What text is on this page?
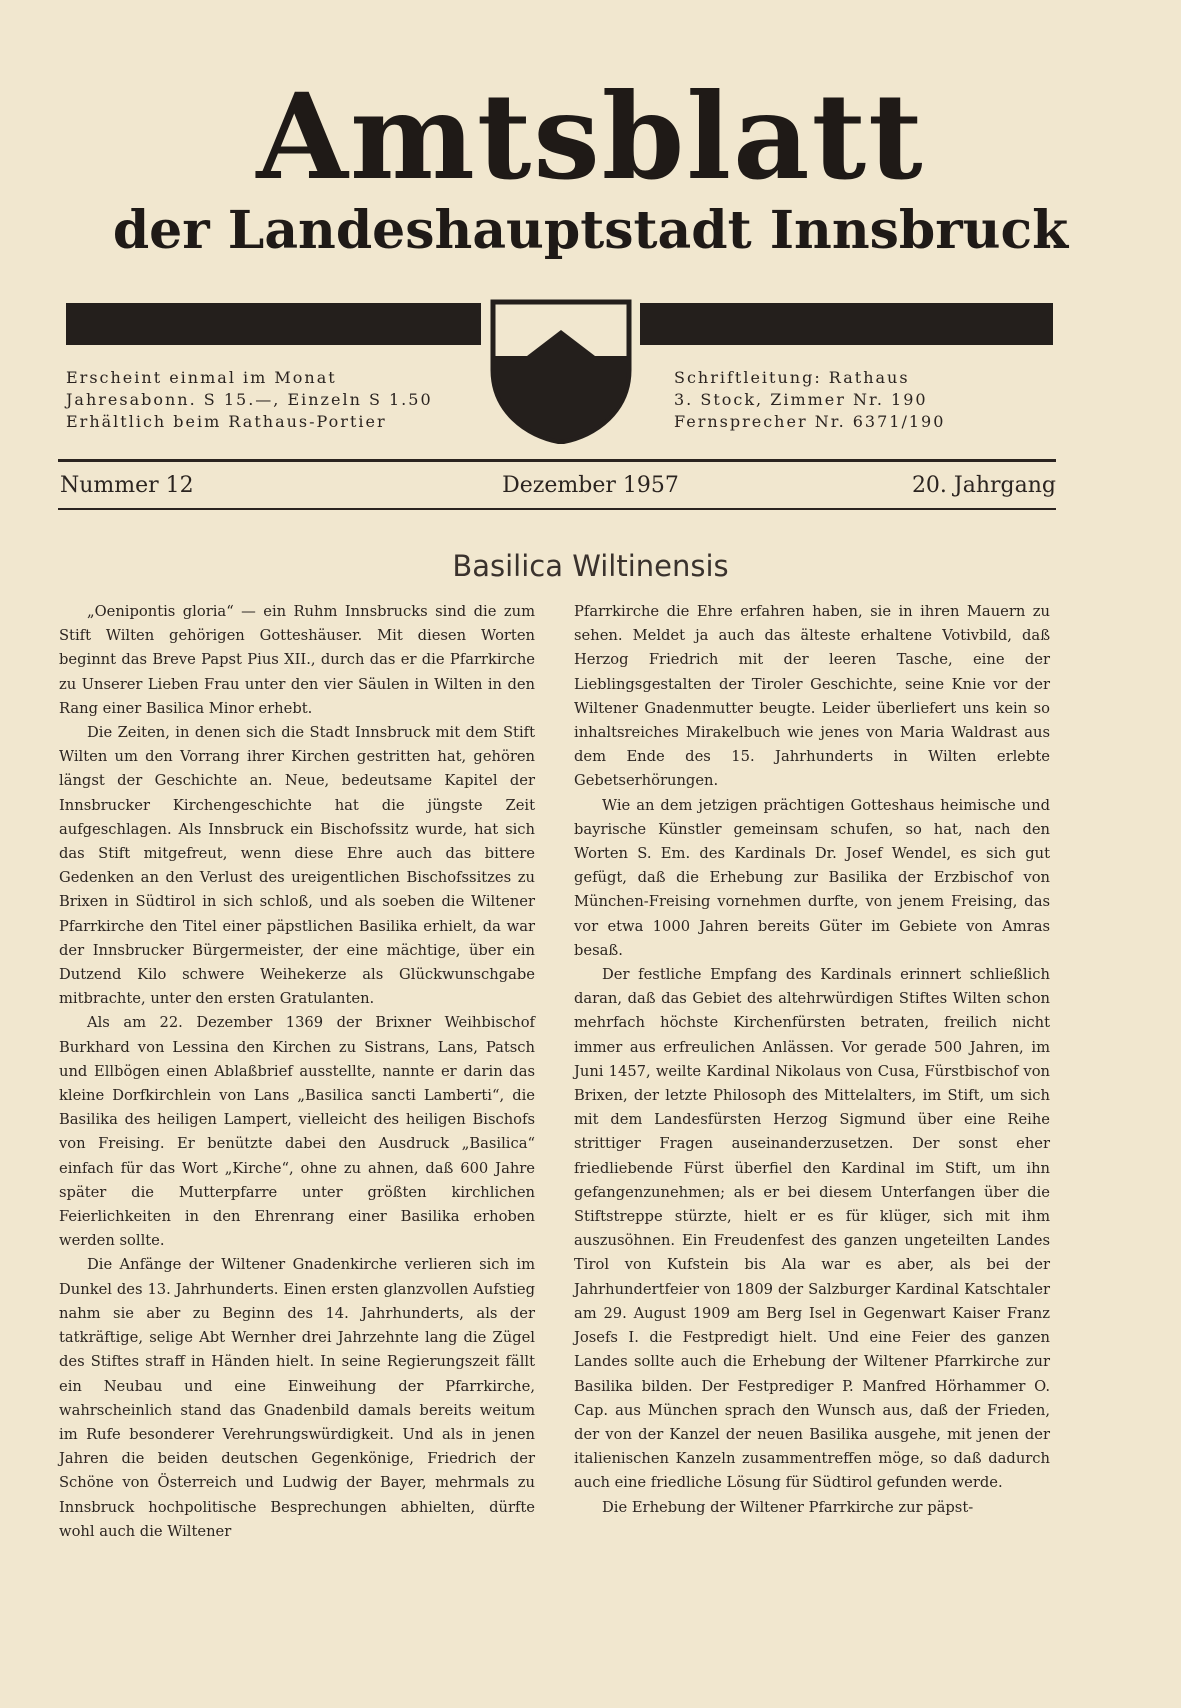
Amtsblatt
der Landeshauptstadt Innsbruck
Erscheint einmal im Monat
Jahresabonn. S 15.—, Einzeln S 1.50
Erhältlich beim Rathaus-Portier
Schriftleitung: Rathaus
3. Stock, Zimmer Nr. 190
Fernsprecher Nr. 6371/190
Nummer 12	Dezember 1957	20. Jahrgang
Basilica Wiltinensis

„Oenipontis gloria“ — ein Ruhm Innsbrucks sind die zum Stift Wilten gehörigen Gotteshäuser. Mit diesen Worten beginnt das Breve Papst Pius XII., durch das er die Pfarrkirche zu Unserer Lieben Frau unter den vier Säulen in Wilten in den Rang einer Basilica Minor erhebt.

Die Zeiten, in denen sich die Stadt Innsbruck mit dem Stift Wilten um den Vorrang ihrer Kirchen gestritten hat, gehören längst der Geschichte an. Neue, bedeutsame Kapitel der Innsbrucker Kirchengeschichte hat die jüngste Zeit aufgeschlagen. Als Innsbruck ein Bischofssitz wurde, hat sich das Stift mitgefreut, wenn diese Ehre auch das bittere Gedenken an den Verlust des ureigentlichen Bischofssitzes zu Brixen in Südtirol in sich schloß, und als soeben die Wiltener Pfarrkirche den Titel einer päpstlichen Basilika erhielt, da war der Innsbrucker Bürgermeister, der eine mächtige, über ein Dutzend Kilo schwere Weihekerze als Glückwunschgabe mitbrachte, unter den ersten Gratulanten.

Als am 22. Dezember 1369 der Brixner Weihbischof Burkhard von Lessina den Kirchen zu Sistrans, Lans, Patsch und Ellbögen einen Ablaßbrief ausstellte, nannte er darin das kleine Dorfkirchlein von Lans „Basilica sancti Lamberti“, die Basilika des heiligen Lampert, vielleicht des heiligen Bischofs von Freising. Er benützte dabei den Ausdruck „Basilica“ einfach für das Wort „Kirche“, ohne zu ahnen, daß 600 Jahre später die Mutterpfarre unter größten kirchlichen Feierlichkeiten in den Ehrenrang einer Basilika erhoben werden sollte.

Die Anfänge der Wiltener Gnadenkirche verlieren sich im Dunkel des 13. Jahrhunderts. Einen ersten glanzvollen Aufstieg nahm sie aber zu Beginn des 14. Jahrhunderts, als der tatkräftige, selige Abt Wernher drei Jahrzehnte lang die Zügel des Stiftes straff in Händen hielt. In seine Regierungszeit fällt ein Neubau und eine Einweihung der Pfarrkirche, wahrscheinlich stand das Gnadenbild damals bereits weitum im Rufe besonderer Verehrungswürdigkeit. Und als in jenen Jahren die beiden deutschen Gegenkönige, Friedrich der Schöne von Österreich und Ludwig der Bayer, mehrmals zu Innsbruck hochpolitische Besprechungen abhielten, dürfte wohl auch die Wiltener

Pfarrkirche die Ehre erfahren haben, sie in ihren Mauern zu sehen. Meldet ja auch das älteste erhaltene Votivbild, daß Herzog Friedrich mit der leeren Tasche, eine der Lieblingsgestalten der Tiroler Geschichte, seine Knie vor der Wiltener Gnadenmutter beugte. Leider überliefert uns kein so inhaltsreiches Mirakelbuch wie jenes von Maria Waldrast aus dem Ende des 15. Jahrhunderts in Wilten erlebte Gebetserhörungen.

Wie an dem jetzigen prächtigen Gotteshaus heimische und bayrische Künstler gemeinsam schufen, so hat, nach den Worten S. Em. des Kardinals Dr. Josef Wendel, es sich gut gefügt, daß die Erhebung zur Basilika der Erzbischof von München-Freising vornehmen durfte, von jenem Freising, das vor etwa 1000 Jahren bereits Güter im Gebiete von Amras besaß.

Der festliche Empfang des Kardinals erinnert schließlich daran, daß das Gebiet des altehrwürdigen Stiftes Wilten schon mehrfach höchste Kirchenfürsten betraten, freilich nicht immer aus erfreulichen Anlässen. Vor gerade 500 Jahren, im Juni 1457, weilte Kardinal Nikolaus von Cusa, Fürstbischof von Brixen, der letzte Philosoph des Mittelalters, im Stift, um sich mit dem Landesfürsten Herzog Sigmund über eine Reihe strittiger Fragen auseinanderzusetzen. Der sonst eher friedliebende Fürst überfiel den Kardinal im Stift, um ihn gefangenzunehmen; als er bei diesem Unterfangen über die Stiftstreppe stürzte, hielt er es für klüger, sich mit ihm auszusöhnen. Ein Freudenfest des ganzen ungeteilten Landes Tirol von Kufstein bis Ala war es aber, als bei der Jahrhundertfeier von 1809 der Salzburger Kardinal Katschtaler am 29. August 1909 am Berg Isel in Gegenwart Kaiser Franz Josefs I. die Festpredigt hielt. Und eine Feier des ganzen Landes sollte auch die Erhebung der Wiltener Pfarrkirche zur Basilika bilden. Der Festprediger P. Manfred Hörhammer O. Cap. aus München sprach den Wunsch aus, daß der Frieden, der von der Kanzel der neuen Basilika ausgehe, mit jenen der italienischen Kanzeln zusammentreffen möge, so daß dadurch auch eine friedliche Lösung für Südtirol gefunden werde.

Die Erhebung der Wiltener Pfarrkirche zur päpst-
